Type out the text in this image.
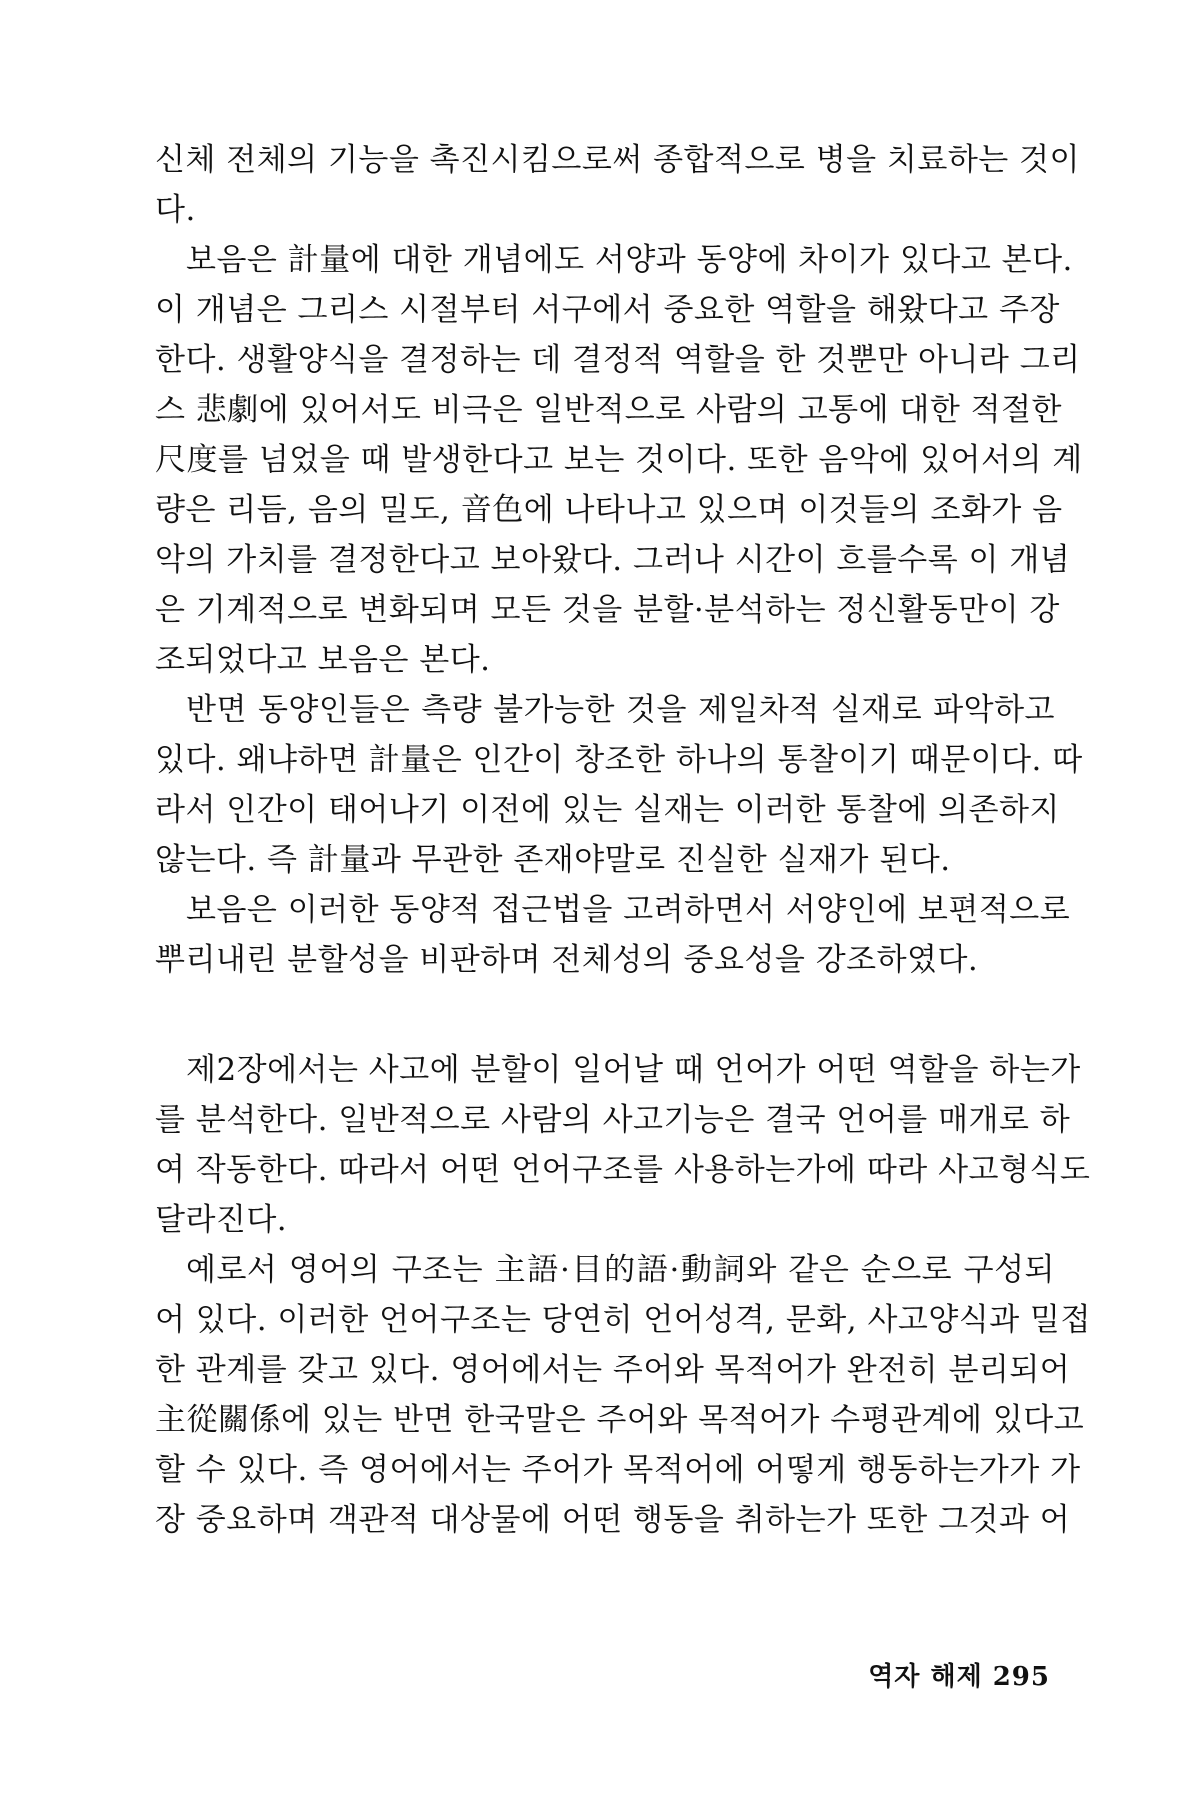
신체 전체의 기능을 촉진시킴으로써 종합적으로 병을 치료하는 것이
다.
보음은 計量에 대한 개념에도 서양과 동양에 차이가 있다고 본다.
이 개념은 그리스 시절부터 서구에서 중요한 역할을 해왔다고 주장
한다. 생활양식을 결정하는 데 결정적 역할을 한 것뿐만 아니라 그리
스 悲劇에 있어서도 비극은 일반적으로 사람의 고통에 대한 적절한
尺度를 넘었을 때 발생한다고 보는 것이다. 또한 음악에 있어서의 계
량은 리듬, 음의 밀도, 音色에 나타나고 있으며 이것들의 조화가 음
악의 가치를 결정한다고 보아왔다. 그러나 시간이 흐를수록 이 개념
은 기계적으로 변화되며 모든 것을 분할·분석하는 정신활동만이 강
조되었다고 보음은 본다.
반면 동양인들은 측량 불가능한 것을 제일차적 실재로 파악하고
있다. 왜냐하면 計量은 인간이 창조한 하나의 통찰이기 때문이다. 따
라서 인간이 태어나기 이전에 있는 실재는 이러한 통찰에 의존하지
않는다. 즉 計量과 무관한 존재야말로 진실한 실재가 된다.
보음은 이러한 동양적 접근법을 고려하면서 서양인에 보편적으로
뿌리내린 분할성을 비판하며 전체성의 중요성을 강조하였다.
제2장에서는 사고에 분할이 일어날 때 언어가 어떤 역할을 하는가
를 분석한다. 일반적으로 사람의 사고기능은 결국 언어를 매개로 하
여 작동한다. 따라서 어떤 언어구조를 사용하는가에 따라 사고형식도
달라진다.
예로서 영어의 구조는 主語·目的語·動詞와 같은 순으로 구성되
어 있다. 이러한 언어구조는 당연히 언어성격, 문화, 사고양식과 밀접
한 관계를 갖고 있다. 영어에서는 주어와 목적어가 완전히 분리되어
主從關係에 있는 반면 한국말은 주어와 목적어가 수평관계에 있다고
할 수 있다. 즉 영어에서는 주어가 목적어에 어떻게 행동하는가가 가
장 중요하며 객관적 대상물에 어떤 행동을 취하는가 또한 그것과 어
역자 해제 295
